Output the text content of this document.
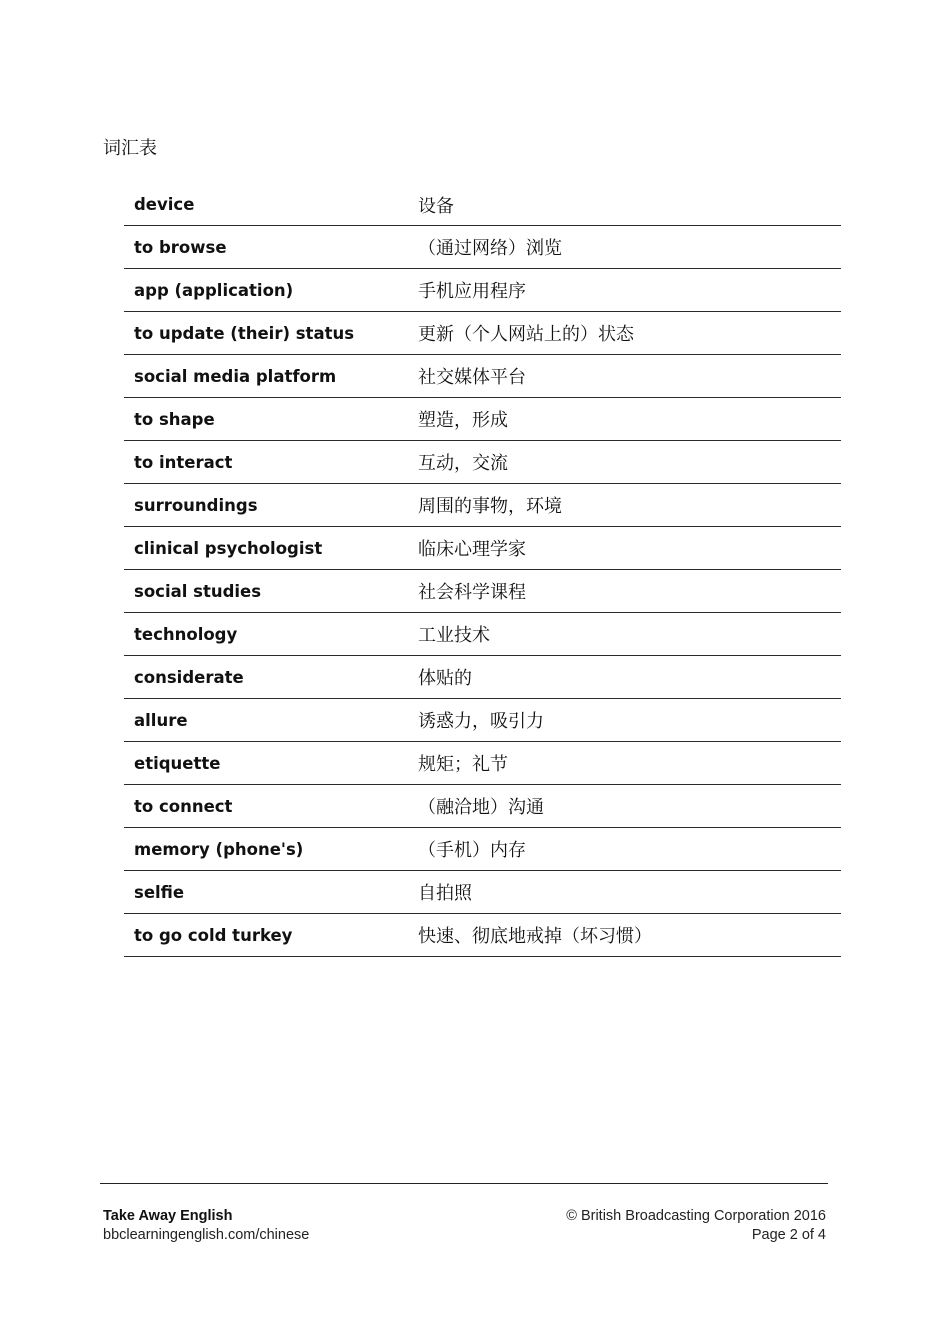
词汇表
device	设备
to browse	（通过网络）浏览
app (application)	手机应用程序
to update (their) status	更新（个人网站上的）状态
social media platform	社交媒体平台
to shape	塑造，形成
to interact	互动，交流
surroundings	周围的事物，环境
clinical psychologist	临床心理学家
social studies	社会科学课程
technology	工业技术
considerate	体贴的
allure	诱惑力，吸引力
etiquette	规矩；礼节
to connect	（融洽地）沟通
memory (phone's)	（手机）内存
selfie	自拍照
to go cold turkey	快速、彻底地戒掉（坏习惯）
Take Away English
bbclearningenglish.com/chinese
© British Broadcasting Corporation 2016
Page 2 of 4
